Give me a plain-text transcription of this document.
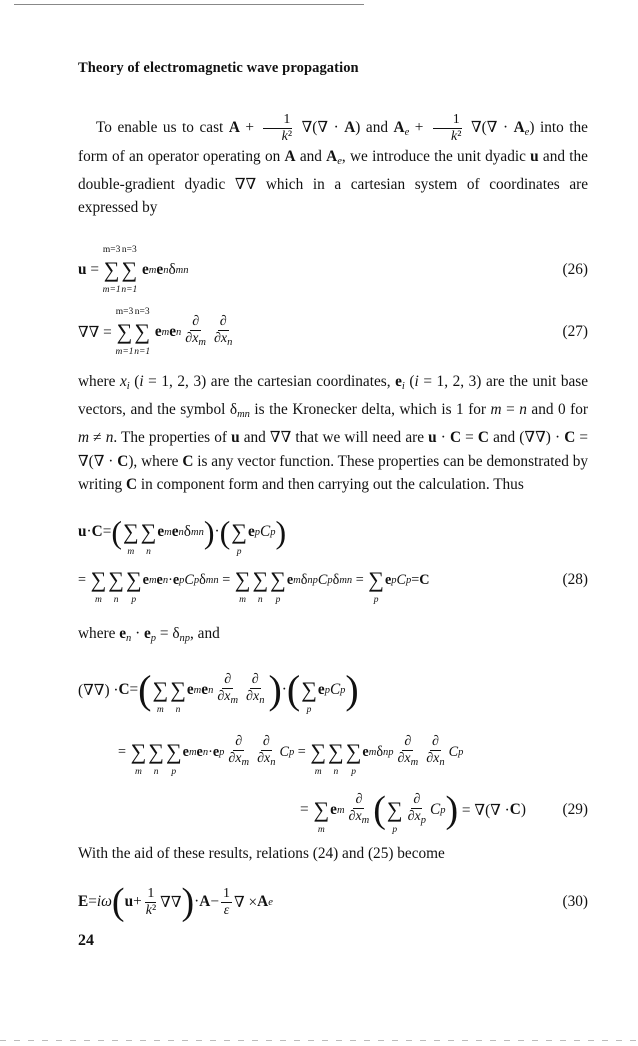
Theory of electromagnetic wave propagation
To enable us to cast $A + \frac{1}{\text{k²}}$ ∇(∇ · A) and $A_e + \frac{1}{\text{k²}}$ ∇(∇ · $A_e$) into the form of an operator operating on A and $A_e$, we introduce the unit dyadic u and the double-gradient dyadic ∇∇ which in a cartesian system of coordinates are expressed by
u =
m=3
∑
m=1
n=3
∑
n=1

e m e n δ mn	(26)
∇∇ =
m=3
∑
m=1
n=3
∑
n=1

e m e n $\frac{\partial}{\partial x_m} \frac{\partial}{\partial x_n}$	(27)
where $x_i$ (i = 1, 2, 3) are the cartesian coordinates, $e_i$ (i = 1, 2, 3) are the unit base vectors, and the symbol $\delta_{mn}$ is the Kronecker delta, which is 1 for m = n and 0 for m ≠ n. The properties of u and ∇∇ that we will need are u · C = C and (∇∇) · C = ∇(∇ · C), where C is any vector function. These properties can be demonstrated by writing C in component form and then carrying out the calculation. Thus
u · C = ( ∑
m
∑
n
e m e n δ mn ) · ( ∑
p
e p C p )
= ∑
m
∑
n
∑
p
e m e n · e p C p δ mn = ∑
m
∑
n
∑
p
e m δ np C p δ mn = ∑
p
e p C p = C	(28)
where $e_n \cdot e_p = \delta_{np}$, and
(∇∇) · C = ( ∑
m
∑
n
e m e n $\frac{\partial}{\partial x_m} \frac{\partial}{\partial x_n}$ ) · ( ∑
p
e p C p )
= ∑
m
∑
n
∑
p
e m e n · e p $\frac{\partial}{\partial x_m} \frac{\partial}{\partial x_n}$ C p = ∑
m
∑
n
∑
p
e m δ np $\frac{\partial}{\partial x_m} \frac{\partial}{\partial x_n}$ C p
= ∑
m
e m $\frac{\partial}{\partial x_m}$ ( ∑
p
$\frac{\partial}{\partial x_p}$ C p ) = ∇(∇ · C ) (29)
With the aid of these results, relations (24) and (25) become
E = iω ( $u + \frac{1}{\text{k²}}$ ∇∇ ) · $A - \frac{1}{\varepsilon}$ ∇ × A e	(30)
24
